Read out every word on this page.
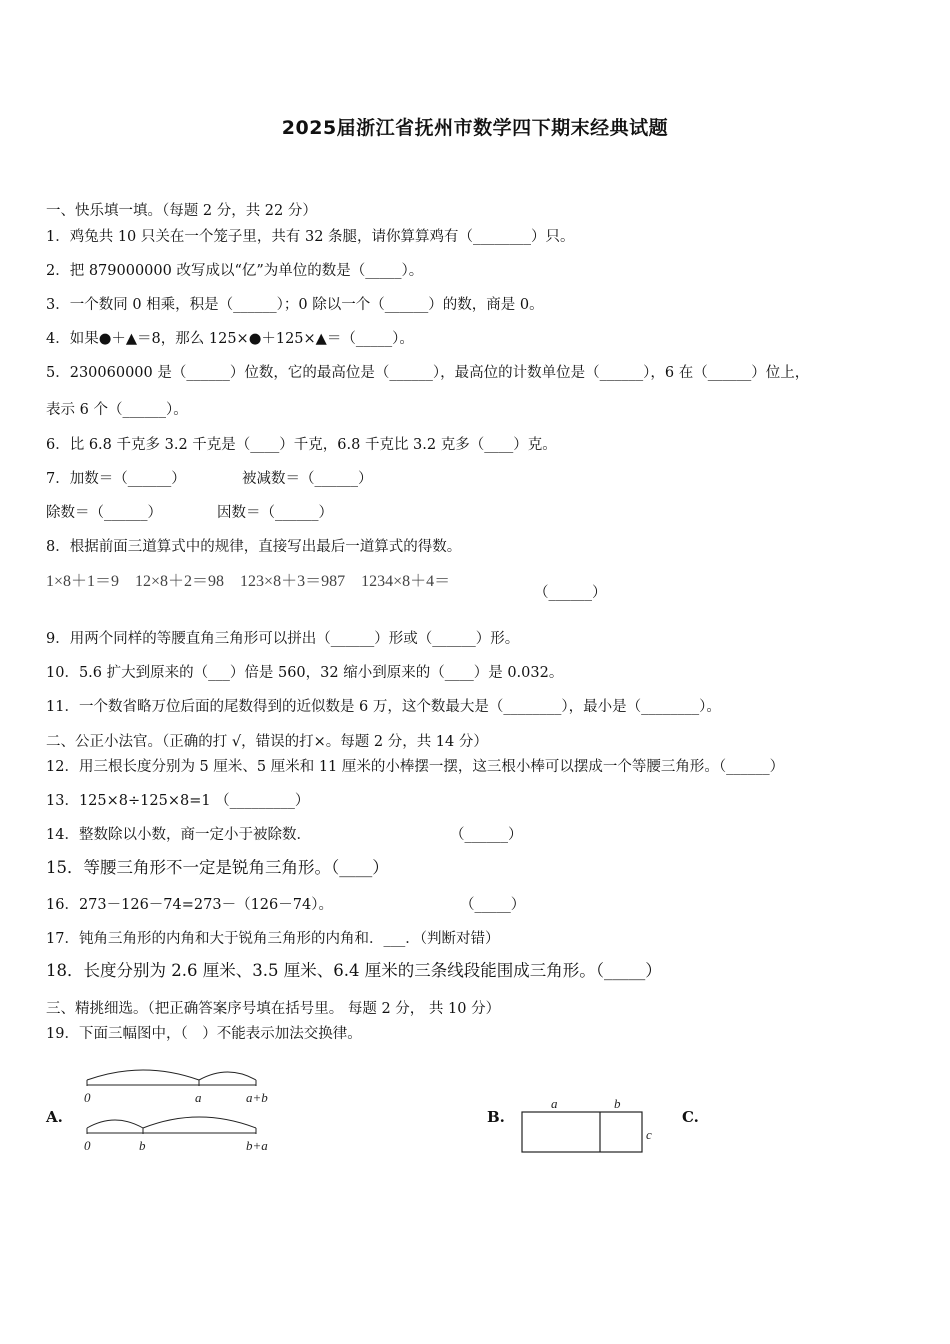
2025届浙江省抚州市数学四下期末经典试题
一、快乐填一填。（每题 2 分，共 22 分）
1．鸡兔共 10 只关在一个笼子里，共有 32 条腿，请你算算鸡有（________）只。
2．把 879000000 改写成以“亿”为单位的数是（_____）。
3．一个数同 0 相乘，积是（______）；0 除以一个（______）的数，商是 0。
4．如果●＋▲＝8，那么 125×●＋125×▲＝（_____）。
5．230060000 是（______）位数，它的最高位是（______），最高位的计数单位是（______），6 在（______）位上，
表示 6 个（______）。
6．比 6.8 千克多 3.2 千克是（____）千克，6.8 千克比 3.2 克多（____）克。
7．加数＝（______）	被减数＝（______）
除数＝（______）	因数＝（______）
8．根据前面三道算式中的规律，直接写出最后一道算式的得数。
1×8＋1＝9    12×8＋2＝98    123×8＋3＝987    1234×8＋4＝
（______）
9．用两个同样的等腰直角三角形可以拼出（______）形或（______）形。
10．5.6 扩大到原来的（___）倍是 560，32 缩小到原来的（____）是 0.032。
11．一个数省略万位后面的尾数得到的近似数是 6 万，这个数最大是（________），最小是（________）。
二、公正小法官。（正确的打 √，错误的打×。每题 2 分，共 14 分）
12．用三根长度分别为 5 厘米、5 厘米和 11 厘米的小棒摆一摆，这三根小棒可以摆成一个等腰三角形。（______）
13．125×8÷125×8=1 （_________）
14．整数除以小数，商一定小于被除数．	（______）
15．等腰三角形不一定是锐角三角形。（____）
16．273－126－74=273－（126－74）。	（_____）
17．钝角三角形的内角和大于锐角三角形的内角和．___．（判断对错）
18．长度分别为 2.6 厘米、3.5 厘米、6.4 厘米的三条线段能围成三角形。（_____）
三、精挑细选。（把正确答案序号填在括号里。 每题 2 分， 共 10 分）
19．下面三幅图中，（　）不能表示加法交换律。
A.
0	a	a+b
0	b	b+a
B.
a	b
c
C.
